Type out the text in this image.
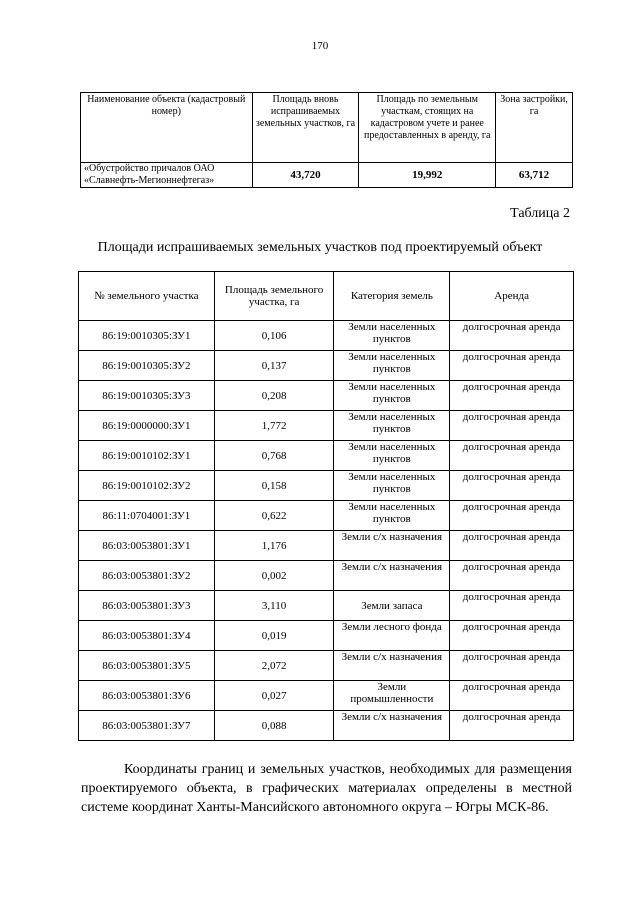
170
Наименование объекта (кадастровый номер)	Площадь вновь испрашиваемых земельных участков, га	Площадь по земельным участкам, стоящих на кадастровом учете и ранее предоставленных в аренду, га	Зона застройки, га
«Обустройство причалов ОАО «Славнефть-Мегионнефтегаз»	43,720	19,992	63,712
Таблица 2
Площади испрашиваемых земельных участков под проектируемый объект
№ земельного участка	Площадь земельного участка, га	Категория земель	Аренда
86:19:0010305:ЗУ1	0,106	Земли населенных пунктов	долгосрочная аренда
86:19:0010305:ЗУ2	0,137	Земли населенных пунктов	долгосрочная аренда
86:19:0010305:ЗУ3	0,208	Земли населенных пунктов	долгосрочная аренда
86:19:0000000:ЗУ1	1,772	Земли населенных пунктов	долгосрочная аренда
86:19:0010102:ЗУ1	0,768	Земли населенных пунктов	долгосрочная аренда
86:19:0010102:ЗУ2	0,158	Земли населенных пунктов	долгосрочная аренда
86:11:0704001:ЗУ1	0,622	Земли населенных пунктов	долгосрочная аренда
86:03:0053801:ЗУ1	1,176	Земли с/х назначения	долгосрочная аренда
86:03:0053801:ЗУ2	0,002	Земли с/х назначения	долгосрочная аренда
86:03:0053801:ЗУ3	3,110	Земли запаса	долгосрочная аренда
86:03:0053801:ЗУ4	0,019	Земли лесного фонда	долгосрочная аренда
86:03:0053801:ЗУ5	2,072	Земли с/х назначения	долгосрочная аренда
86:03:0053801:ЗУ6	0,027	Земли промышленности	долгосрочная аренда
86:03:0053801:ЗУ7	0,088	Земли с/х назначения	долгосрочная аренда
Координаты границ и земельных участков, необходимых для размещения проектируемого объекта, в графических материалах определены в местной системе координат Ханты-Мансийского автономного округа – Югры МСК-86.
